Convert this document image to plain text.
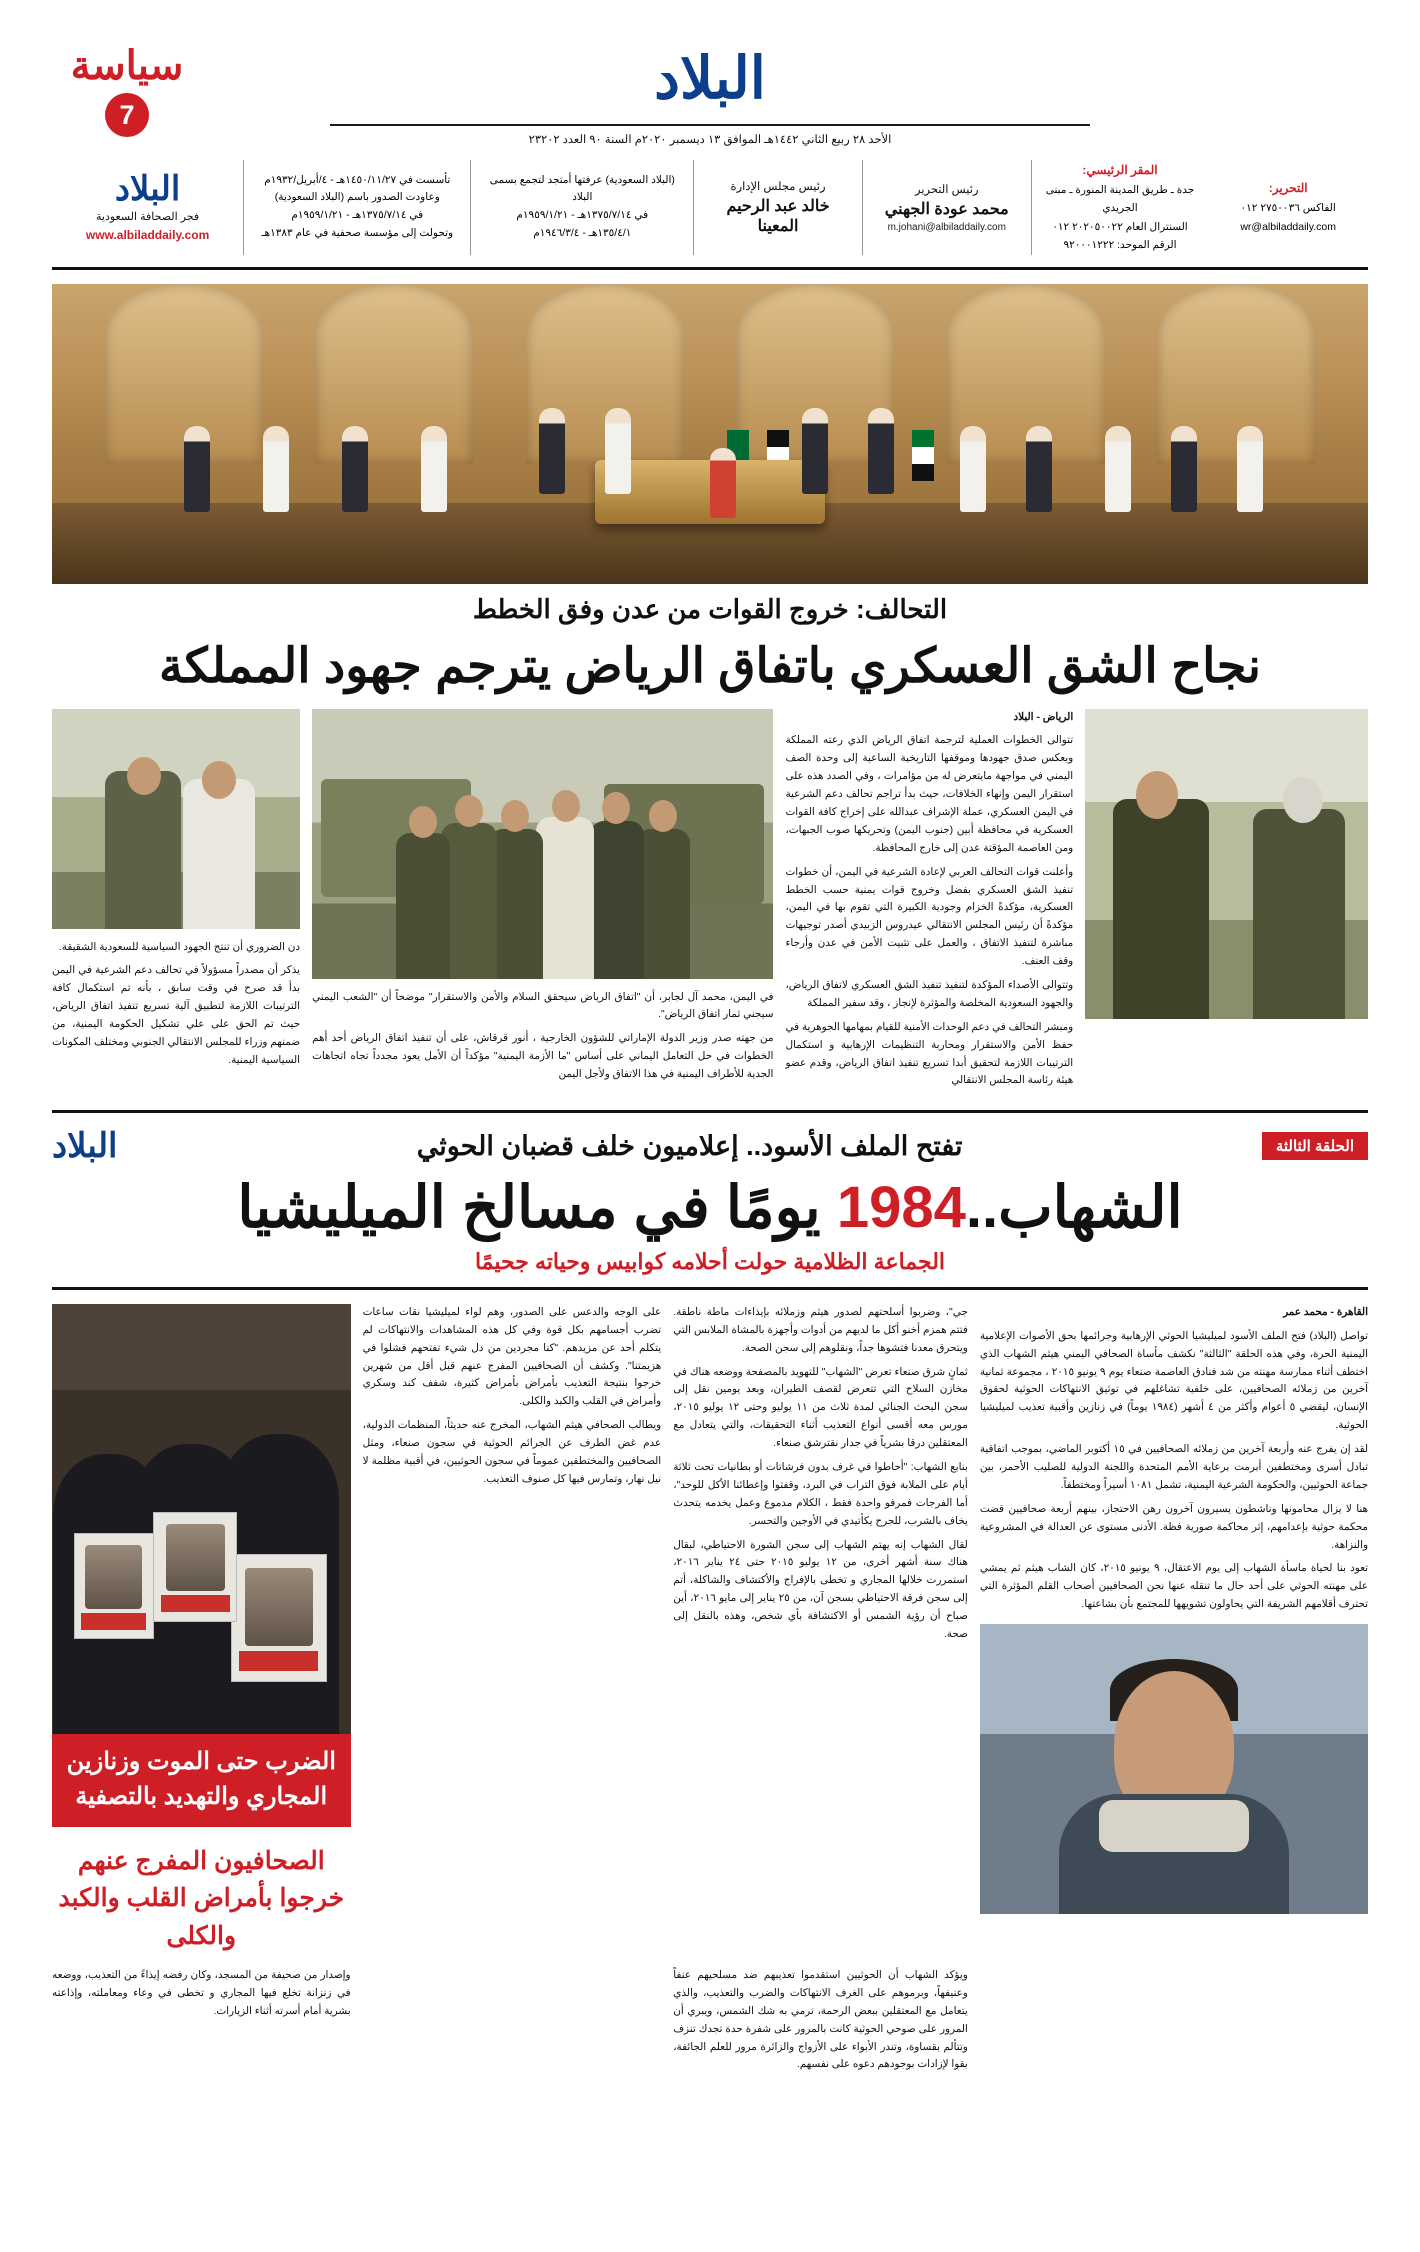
سياسة
7
البلاد
الأحد ٢٨ ربيع الثاني ١٤٤٢هـ الموافق ١٣ ديسمبر ٢٠٢٠م السنة ٩٠ العدد ٢٣٢٠٢
البلاد
فجر الصحافة السعودية
www.albiladdaily.com
تأسست في ١٤٥٠/١١/٢٧هـ - ٤/أبريل/١٩٣٢م
وعاودت الصدور باسم (البلاد السعودية)
في ١٣٧٥/٧/١٤هـ - ١٩٥٩/١/٢١م
وتحولت إلى مؤسسة صحفية في عام ١٣٨٣هـ
(البلاد السعودية) عرفتها أمتجد لتجمع بسمى البلاد
في ١٣٧٥/٧/١٤هـ - ١٩٥٩/١/٢١م
١٣٥/٤/١هـ - ١٩٤٦/٣/٤م
رئيس مجلس الإدارة
خالد عبد الرحيم المعينا
رئيس التحرير
محمد عودة الجهني
m.johani@albiladdaily.com
المقر الرئيسي:
جدة ـ طريق المدينة المنورة ـ مبنى الجريدي
السنترال العام ٢٠٢٠٥٠٠٢٢ ٠١٢
الرقم الموحد: ٩٢٠٠٠١٢٢٢
التحرير:
الفاكس ٢٧٥٠٠٣٦ ٠١٢
wr@albiladdaily.com
التحالف: خروج القوات من عدن وفق الخطط
نجاح الشق العسكري باتفاق الرياض يترجم جهود المملكة

دن الضروري أن تنتج الجهود السياسية للسعودية الشقيقة.

يذكر أن مصدراً مسؤولاً في تحالف دعم الشرعية في اليمن بدأ قد صرح في وقت سابق ، بأنه تم استكمال كافة الترتيبات اللازمة لتطبيق آلية تسريع تنفيذ اتفاق الرياض، حيث تم الحق على علي تشكيل الحكومة اليمنية، من ضمنهم وزراء للمجلس الانتقالي الجنوبي ومختلف المكونات السياسية اليمنية.

في اليمن، محمد آل لجابر، أن "اتفاق الرياض سيحقق السلام والأمن والاستقرار" موضحاً أن "الشعب اليمني سيجني ثمار اتفاق الرياض".

من جهته صدر وزير الدولة الإماراتي للشؤون الخارجية ، أنور قرقاش، على أن تنفيذ اتفاق الرياض أحد أهم الخطوات في حل التعامل اليماني على أساس "ما الأزمة اليمنية" مؤكداً أن الأمل يعود مجدداً تجاه اتجاهات الجدية للأطراف اليمنية في هذا الاتفاق ولأجل اليمن

الرياض - البلاد

تتوالى الخطوات العملية لترجمة اتفاق الرياض الذي رعته المملكة وبعكس صدق جهودها وموقفها التاريخية الساعية إلى وحدة الصف اليمني في مواجهة مايتعرض له من مؤامرات ، وفي الصدد هذه على استقرار اليمن وإنهاء الخلافات، حيث بدأ تراجم تحالف دعم الشرعية في اليمن العسكري، عملة الإشراف عبدالله على إخراج كافة القوات العسكرية في محافظة أبين (جنوب اليمن) وتحريكها صوب الجبهات، ومن العاصمة المؤقتة عدن إلى خارج المحافظة.

وأعلنت قوات التحالف العربي لإعادة الشرعية في اليمن، أن خطوات تنفيذ الشق العسكري بفضل وخروج قوات يمنية حسب الخطط العسكرية، مؤكدةً الخزام وجودية الكبيرة التي تقوم بها في اليمن، مؤكدةً أن رئيس المجلس الانتقالي عيدروس الزبيدي أصدر توجيهات مباشرة لتنفيذ الاتفاق ، والعمل على تثبيت الأمن في عدن وأرجاء وقف العنف.

وتتوالى الأصداء المؤكدة لتنفيذ تنفيذ الشق العسكري لاتفاق الرياض، والجهود السعودية المخلصة والمؤثرة لإنجاز ، وقد سفير المملكة

ومبشر التحالف في دعم الوحدات الأمنية للقيام بمهامها الجوهرية في حفظ الأمن والاستقرار ومحاربة التنظيمات الإرهابية و استكمال الترتيبات اللازمة لتحقيق أبدا تسريع تنفيذ اتفاق الرياض، وقدم عضو هيئة رئاسة المجلس الانتقالي

البلاد	تفتح الملف الأسود.. إعلاميون خلف قضبان الحوثي	الحلقة الثالثة
الشهاب..1984 يومًا في مسالخ الميليشيا
الجماعة الظلامية حولت أحلامه كوابيس وحياته جحيمًا
الضرب حتى الموت وزنازين المجاري والتهديد بالتصفية
الصحافيون المفرج عنهم خرجوا بأمراض القلب والكبد والكلى

على الوجه والدعس على الصدور، وهم لواء لميليشيا نقات ساعات تضرب أجسامهم بكل قوة وفي كل هذه المشاهدات والانتهاكات لم يتكلم أحد عن مزيدهم. "كنا مجردين من دل شيء تفتحهم فشلوا في هزيمتنا". وكشف أن الصحافيين المفرج عنهم قبل أقل من شهرين خرجوا بنتيجة التعذيب بأمراض بأمراض كثيرة، شفف كند وسكري وأمراض في القلب والكبد والكلى.

ويطالب الصحافي هيثم الشهاب، المخرج عنه حديثاً، المنظمات الدولية، عدم غض الطرف عن الجرائم الحوثية في سجون صنعاء، ومثل الصحافيين والمختطفين عموماً في سجون الحوثيين، في أقبية مظلمة لا نيل نهار، وتمارس فيها كل صنوف التعذيب.

جي"، وضربوا أسلحتهم لصدور هيثم وزملائه بإيذاءات ماطة ناطقة. فتتم همزم أخنو أكل ما لديهم من أدوات وأجهزة بالمشاة الملابس التي ويتحرق معدنا فتشوها جداً، ونقلوهم إلى سجن الصحة.

ثمانٍ شرق صنعاء تعرض "الشهاب" للتهويد بالمصفحة ووضعه هناك في مخازن السلاح التي تتعرض لقصف الطيران، وبعد يومين نقل إلى سجن البحث الجنائي لمدة ثلاث من ١١ يوليو وحتى ١٢ يوليو ٢٠١٥، مورس معه أقسى أنواع التعذيب أثناء التحقيقات، والتي يتعادل مع المعتقلين درقا بشرياً في جدار نقترشق صنعاء.

بنابع الشهاب: "أحاطوا في غرف بدون فرشاتات أو بطانيات تحت ثلاثة أيام على الملابة فوق التراب في البرد، وقفتوا وإعطائنا الأكل للوحد"، أما الفرجات فمرفو واحدة فقط ، الكلام مدموع وعمل يخدمه يتحدث يخاف بالشرب، للجرح يكأتيدي في الأوجين والتحسر.

لقال الشهاب إنه يهتم الشهاب إلى سجن الشورة الاحتياطي، لبقال هناك سنة أشهر أخرى، من ١٢ يوليو ٢٠١٥ حتى ٢٤ يناير ٢٠١٦، استمررت خلالها المجاري و تخطى بالإفراج والأكتشاف والشاكلة، أتم إلى سجن فرقة الاحتياطي بسجن آن، من ٢٥ يناير إلى مايو ٢٠١٦، أين صباح أن رؤية الشمس أو الاكتشافة بأي شخص، وهذه بالنقل إلى صحة.

القاهرة - محمد عمر

تواصل (البلاد) فتح الملف الأسود لميليشيا الحوثي الإرهابية وجرائمها بحق الأصوات الإعلامية اليمنية الحرة، وفي هذه الحلقة "الثالثة" نكشف مأساة الصحافي اليمني هيثم الشهاب الذي اختطف أثناء ممارسة مهنته من شد فنادق العاصمة صنعاء يوم ٩ يونيو ٢٠١٥ ، مجموعة ثمانية آخرين من زملائه الصحافيين، على خلفية تشاغلهم في توثيق الانتهاكات الحوثية لحقوق الإنسان، ليقضي ٥ أعوام وأكثر من ٤ أشهر (١٩٨٤ يوماً) في زنازين وأقبية تعذيب لميليشيا الحوثية.

لقد إن يفرج عنه وأربعة آخرين من زملائه الصحافيين في ١٥ أكتوبر الماضي، بموجب اتفاقية تبادل أسرى ومختطفين أبرمت برعاية الأمم المتحدة واللجنة الدولية للصليب الأحمر، بين جماعة الحوثيين، والحكومة الشرعية اليمنية، تشمل ١٠٨١ أسيراً ومختطفاً.

هنا لا يزال محامونها وناشطون يسيرون آخرون رهن الاحتجاز، بينهم أربعة صحافيين قضت محكمة حوثية بإعدامهم، إثر محاكمة صورية فظة. الأدنى مستوى عن العدالة في المشروعية والنزاهة.

تعود بنا لحياة ماسأة الشهاب إلى يوم الاعتقال، ٩ يونيو ٢٠١٥، كان الشاب هيثم ثم يمشي على مهنته الحوثي على أحد حال ما تنقله عنها نحن الصحافيين أصحاب القلم المؤثرة التي تحترف أقلامهم الشريفة التي يحاولون تشويهها للمجتمع بأن بشاعتها.

وإصدار من صحيفة من المسجد، وكان رفضه إيذاءً من التعذيب، ووضعه في زنزانة تخلع فيها المجاري و تخطى في وعاء ومعاملته، وإذاعته بشرية أمام أسرته أثناء الزيارات.

ويؤكد الشهاب أن الحوثيين استقدموا تعذيبهم ضد مسلحيهم عنفاً وعنيفهاً، وبرموهم على الغرف الانتهاكات والضرب والتعذيب، والذي يتعامل مع المعتقلين ببعض الرحمة، ترمي به شك الشمس، ويبري أن المرور على صوحي الحوثية كانت بالمرور على شفرة حدة تجدك تنزف وتتألم بقساوة، وتندر الأبواء على الأزواج والزائرة مرور للعلم الجائفة، بقوا لإزادات بوجودهم دعوه على نفسهم.
